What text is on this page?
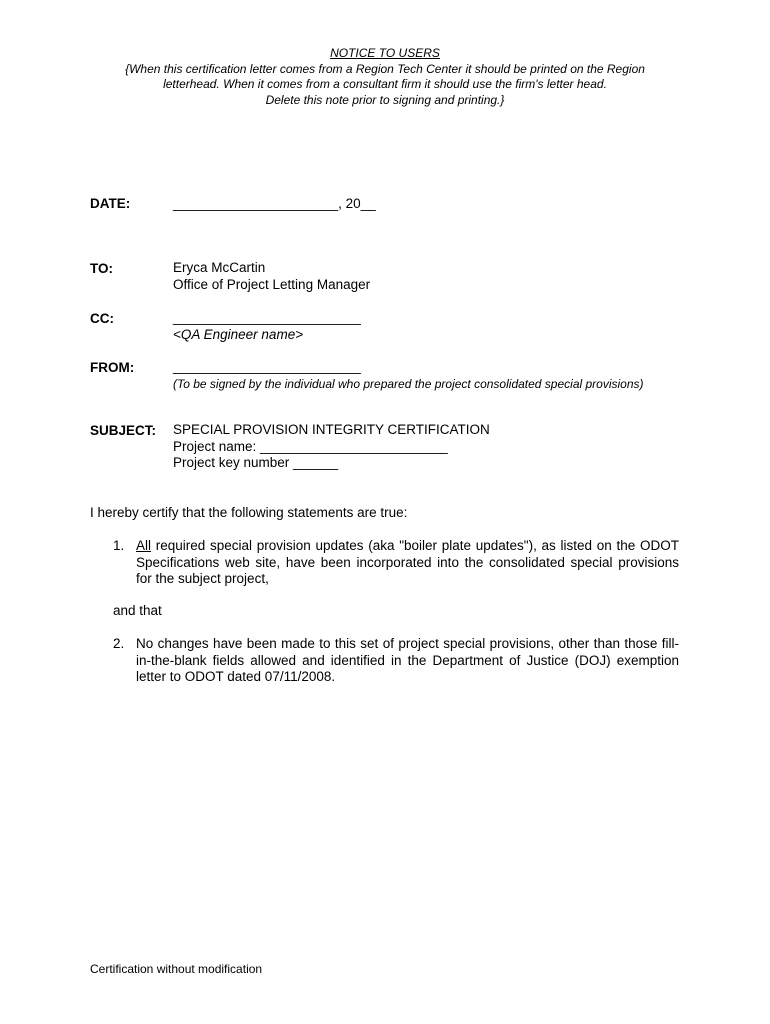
NOTICE TO USERS
{When this certification letter comes from a Region Tech Center it should be printed on the Region
letterhead. When it comes from a consultant firm it should use the firm's letter head.
Delete this note prior to signing and printing.}
DATE:	______________________, 20__
TO:	Eryca McCartin
Office of Project Letting Manager
CC:	_________________________
<QA Engineer name>
FROM:	_________________________
(To be signed by the individual who prepared the project consolidated special provisions)
SUBJECT: SPECIAL PROVISION INTEGRITY CERTIFICATION
Project name: _________________________
Project key number ______
I hereby certify that the following statements are true:
1. All required special provision updates (aka "boiler plate updates"), as listed on the ODOT Specifications web site, have been incorporated into the consolidated special provisions for the subject project,
and that
2. No changes have been made to this set of project special provisions, other than those fill-in-the-blank fields allowed and identified in the Department of Justice (DOJ) exemption letter to ODOT dated 07/11/2008.
Certification without modification
